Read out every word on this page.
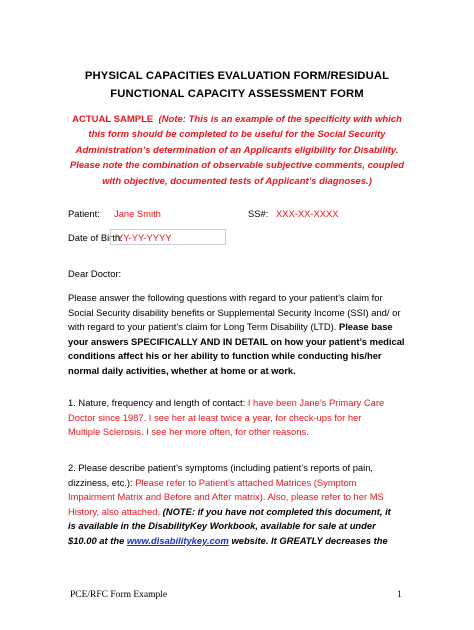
PHYSICAL CAPACITIES EVALUATION FORM/RESIDUAL
FUNCTIONAL CAPACITY ASSESSMENT FORM
ACTUAL SAMPLE (Note: This is an example of the specificity with which
this form should be completed to be useful for the Social Security
Administration’s determination of an Applicants eligibility for Disability.
Please note the combination of observable subjective comments, coupled
with objective, documented tests of Applicant’s diagnoses.)
Patient: Jane Smith	SS#: XXX-XX-XXXX
Date of Birth:
YY-YY-YYYY
Dear Doctor:

Please answer the following questions with regard to your patient’s claim for

Social Security disability benefits or Supplemental Security Income (SSI) and/ or

with regard to your patient’s claim for Long Term Disability (LTD). Please base

your answers SPECIFICALLY AND IN DETAIL on how your patient’s medical

conditions affect his or her ability to function while conducting his/her

normal daily activities, whether at home or at work.

1. Nature, frequency and length of contact: I have been Jane’s Primary Care

Doctor since 1987. I see her at least twice a year, for check-ups for her

Multiple Sclerosis. I see her more often, for other reasons.

2. Please describe patient’s symptoms (including patient’s reports of pain,

dizziness, etc.): Please refer to Patient’s attached Matrices (Symptom

Impairment Matrix and Before and After matrix). Also, please refer to her MS

History, also attached. (NOTE: if you have not completed this document, it

is available in the DisabilityKey Workbook, available for sale at under

$10.00 at the www.disabilitykey.com website. It GREATLY decreases the

PCE/RFC Form Example	1
